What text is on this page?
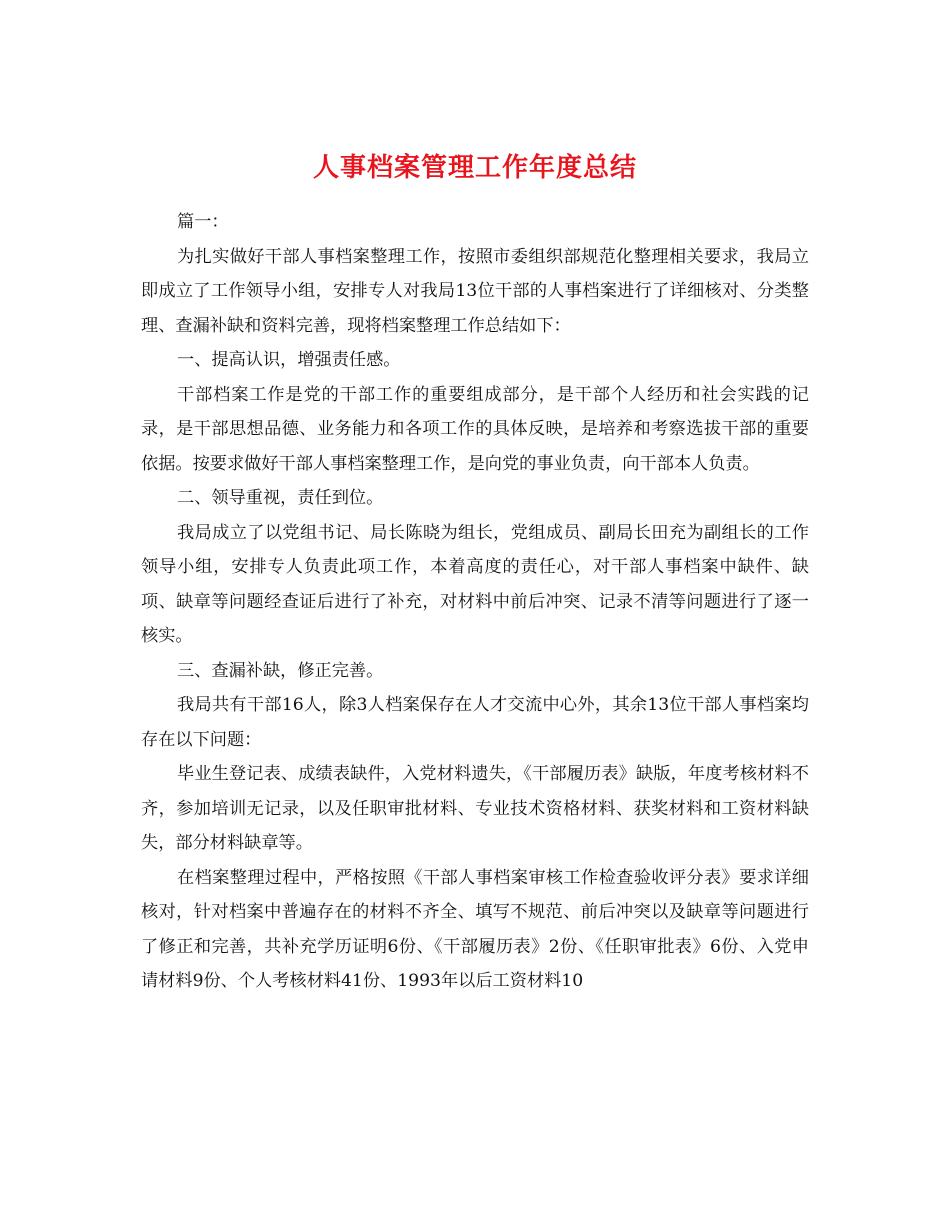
人事档案管理工作年度总结

篇一：

为扎实做好干部人事档案整理工作，按照市委组织部规范化整理相关要求，我局立即成立了工作领导小组，安排专人对我局13位干部的人事档案进行了详细核对、分类整理、查漏补缺和资料完善，现将档案整理工作总结如下：

一、提高认识，增强责任感。

干部档案工作是党的干部工作的重要组成部分，是干部个人经历和社会实践的记录，是干部思想品德、业务能力和各项工作的具体反映，是培养和考察选拔干部的重要依据。按要求做好干部人事档案整理工作，是向党的事业负责，向干部本人负责。

二、领导重视，责任到位。

我局成立了以党组书记、局长陈晓为组长，党组成员、副局长田充为副组长的工作领导小组，安排专人负责此项工作，本着高度的责任心，对干部人事档案中缺件、缺项、缺章等问题经查证后进行了补充，对材料中前后冲突、记录不清等问题进行了逐一核实。

三、查漏补缺，修正完善。

我局共有干部16人，除3人档案保存在人才交流中心外，其余13位干部人事档案均存在以下问题：

毕业生登记表、成绩表缺件，入党材料遗失，《干部履历表》缺版，年度考核材料不齐，参加培训无记录，以及任职审批材料、专业技术资格材料、获奖材料和工资材料缺失，部分材料缺章等。

在档案整理过程中，严格按照《干部人事档案审核工作检查验收评分表》要求详细核对，针对档案中普遍存在的材料不齐全、填写不规范、前后冲突以及缺章等问题进行了修正和完善，共补充学历证明6份、《干部履历表》2份、《任职审批表》6份、入党申请材料9份、个人考核材料41份、1993年以后工资材料10
